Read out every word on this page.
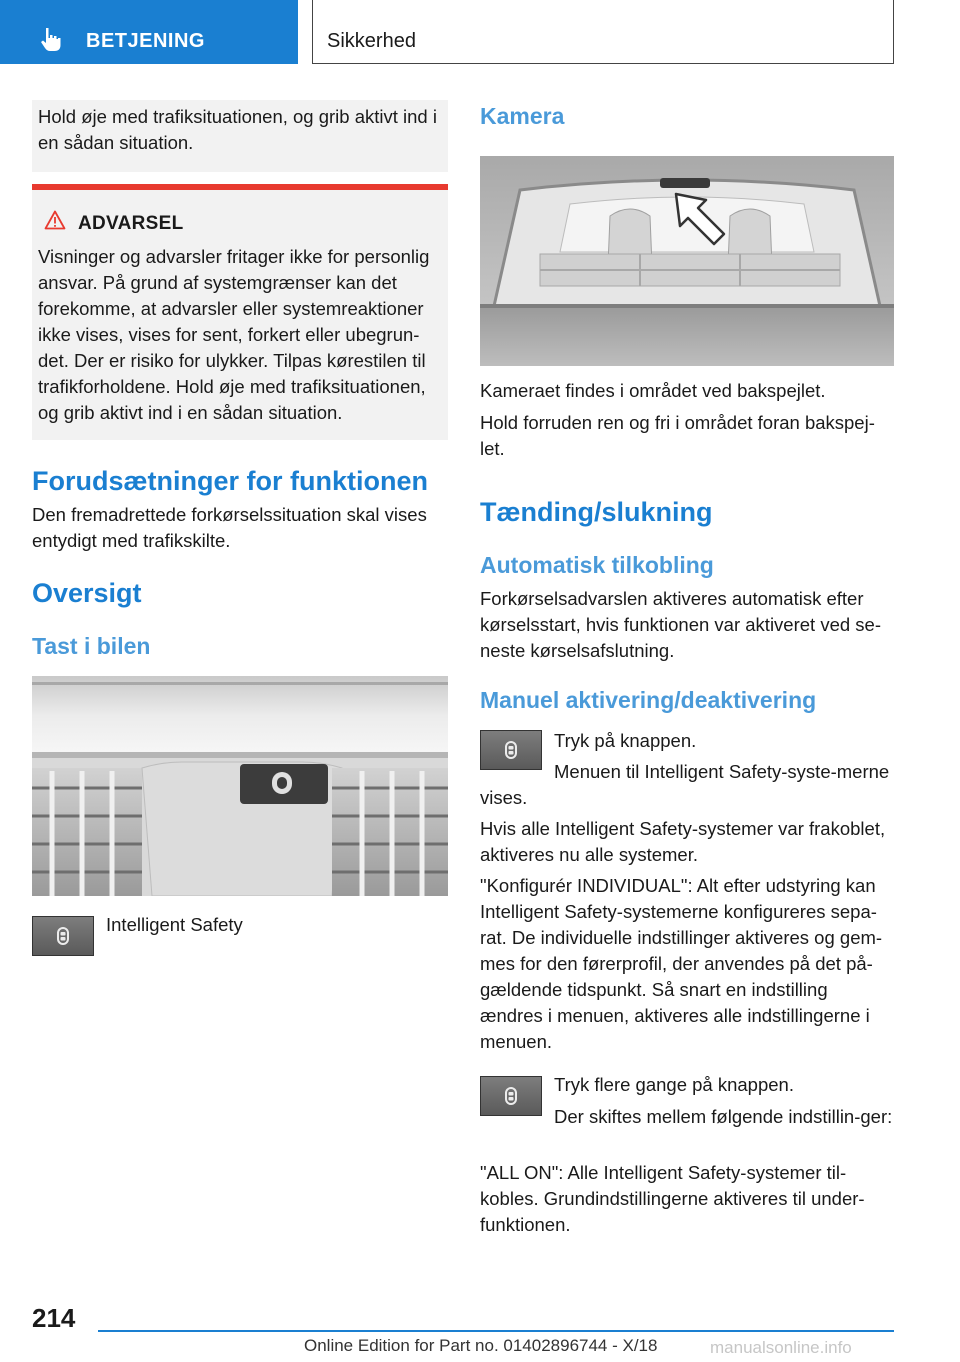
BETJENING	Sikkerhed

Hold øje med trafiksituationen, og grib aktivt ind i en sådan situation.

ADVARSEL

Visninger og advarsler fritager ikke for personlig ansvar. På grund af systemgrænser kan det forekomme, at advarsler eller systemreaktioner ikke vises, vises for sent, forkert eller ubegrun-det. Der er risiko for ulykker. Tilpas kørestilen til trafikforholdene. Hold øje med trafiksituationen, og grib aktivt ind i en sådan situation.

Forudsætninger for funktionen

Den fremadrettede forkørselssituation skal vises entydigt med trafikskilte.

Oversigt
Tast i bilen

Intelligent Safety

Kamera

Kameraet findes i området ved bakspejlet.

Hold forruden ren og fri i området foran bakspej-let.

Tænding/slukning
Automatisk tilkobling

Forkørselsadvarslen aktiveres automatisk efter kørselsstart, hvis funktionen var aktiveret ved se-neste kørselsafslutning.

Manuel aktivering/deaktivering

Tryk på knappen.

Menuen til Intelligent Safety-syste-merne vises.

Hvis alle Intelligent Safety-systemer var frakoblet, aktiveres nu alle systemer.

"Konfigurér INDIVIDUAL": Alt efter udstyring kan Intelligent Safety-systemerne konfigureres sepa-rat. De individuelle indstillinger aktiveres og gem-mes for den førerprofil, der anvendes på det på-gældende tidspunkt. Så snart en indstilling ændres i menuen, aktiveres alle indstillingerne i menuen.

Tryk flere gange på knappen.

Der skiftes mellem følgende indstillin-ger:

"ALL ON": Alle Intelligent Safety-systemer til-kobles. Grundindstillingerne aktiveres til under-funktionen.

214
Online Edition for Part no. 01402896744 - X/18	manualsonline.info
